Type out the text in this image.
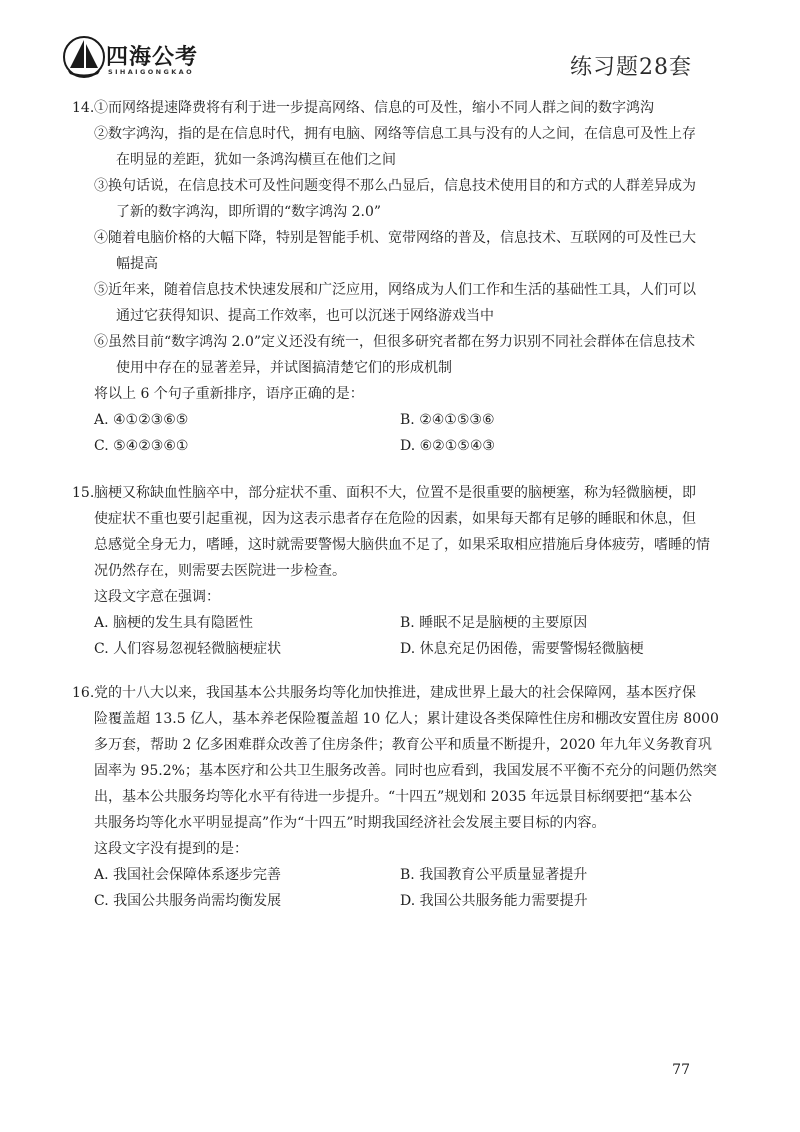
四海公考
SIHAIGONGKAO	练习题28套
14.①而网络提速降费将有利于进一步提高网络、信息的可及性，缩小不同人群之间的数字鸿沟
②数字鸿沟，指的是在信息时代，拥有电脑、网络等信息工具与没有的人之间，在信息可及性上存
在明显的差距，犹如一条鸿沟横亘在他们之间
③换句话说，在信息技术可及性问题变得不那么凸显后，信息技术使用目的和方式的人群差异成为
了新的数字鸿沟，即所谓的“数字鸿沟 2.0”
④随着电脑价格的大幅下降，特别是智能手机、宽带网络的普及，信息技术、互联网的可及性已大
幅提高
⑤近年来，随着信息技术快速发展和广泛应用，网络成为人们工作和生活的基础性工具，人们可以
通过它获得知识、提高工作效率，也可以沉迷于网络游戏当中
⑥虽然目前“数字鸿沟 2.0”定义还没有统一，但很多研究者都在努力识别不同社会群体在信息技术
使用中存在的显著差异，并试图搞清楚它们的形成机制
将以上 6 个句子重新排序，语序正确的是：
A. ④①②③⑥⑤	B. ②④①⑤③⑥
C. ⑤④②③⑥①	D. ⑥②①⑤④③
15.脑梗又称缺血性脑卒中，部分症状不重、面积不大，位置不是很重要的脑梗塞，称为轻微脑梗，即
使症状不重也要引起重视，因为这表示患者存在危险的因素，如果每天都有足够的睡眠和休息，但
总感觉全身无力，嗜睡，这时就需要警惕大脑供血不足了，如果采取相应措施后身体疲劳，嗜睡的情
况仍然存在，则需要去医院进一步检查。
这段文字意在强调：
A. 脑梗的发生具有隐匿性	B. 睡眠不足是脑梗的主要原因
C. 人们容易忽视轻微脑梗症状	D. 休息充足仍困倦，需要警惕轻微脑梗
16.党的十八大以来，我国基本公共服务均等化加快推进，建成世界上最大的社会保障网，基本医疗保
险覆盖超 13.5 亿人，基本养老保险覆盖超 10 亿人；累计建设各类保障性住房和棚改安置住房 8000
多万套，帮助 2 亿多困难群众改善了住房条件；教育公平和质量不断提升，2020 年九年义务教育巩
固率为 95.2%；基本医疗和公共卫生服务改善。同时也应看到，我国发展不平衡不充分的问题仍然突
出，基本公共服务均等化水平有待进一步提升。“十四五”规划和 2035 年远景目标纲要把“基本公
共服务均等化水平明显提高”作为“十四五”时期我国经济社会发展主要目标的内容。
这段文字没有提到的是：
A. 我国社会保障体系逐步完善	B. 我国教育公平质量显著提升
C. 我国公共服务尚需均衡发展	D. 我国公共服务能力需要提升
77
